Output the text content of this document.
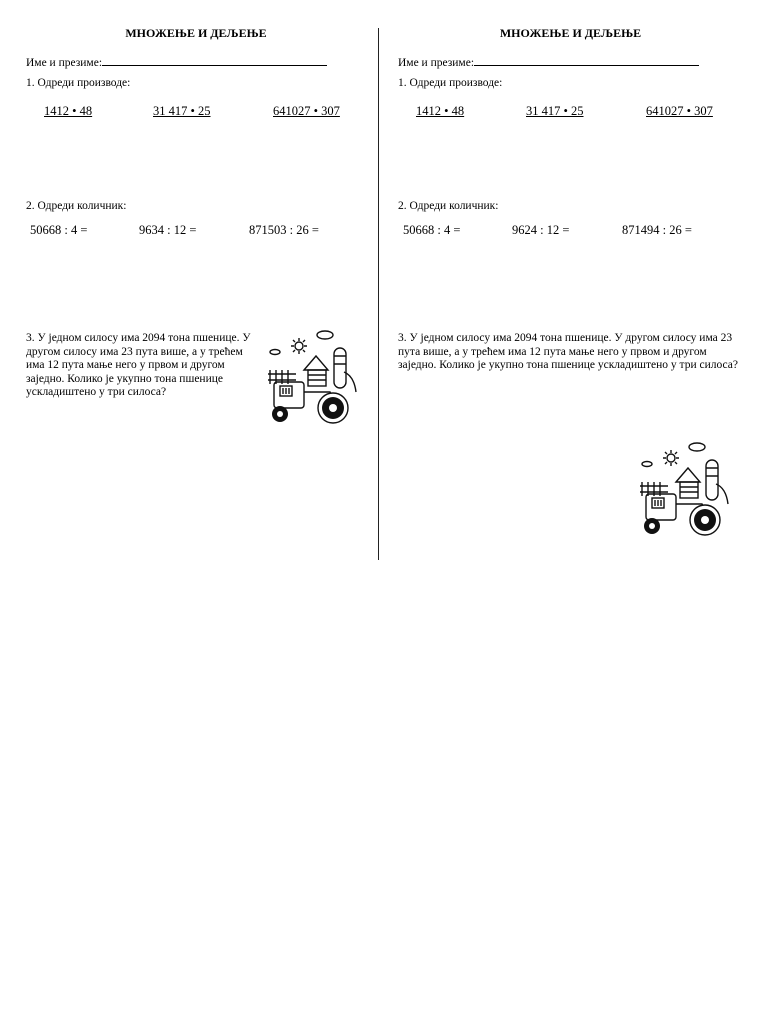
МНОЖЕЊЕ И ДЕЉЕЊЕ
Име и презиме:
1. Одреди производе:
1412 • 48	31 417 • 25	641027 • 307
2. Одреди количник:
50668 : 4 =	9634 : 12 =	871503 : 26 =
3. У једном силосу има 2094 тона пшенице. У другом силосу има 23 пута више, а у трећем има 12 пута мање него у првом и другом заједно. Колико је укупно тона пшенице ускладиштено у три силоса?
МНОЖЕЊЕ И ДЕЉЕЊЕ
Име и презиме:
1. Одреди производе:
1412 • 48	31 417 • 25	641027 • 307
2. Одреди количник:
50668 : 4 =	9624 : 12 =	871494 : 26 =
3. У једном силосу има 2094 тона пшенице. У другом силосу има 23 пута више, а у трећем има 12 пута мање него у првом и другом заједно. Колико је укупно тона пшенице ускладиштено у три силоса?
